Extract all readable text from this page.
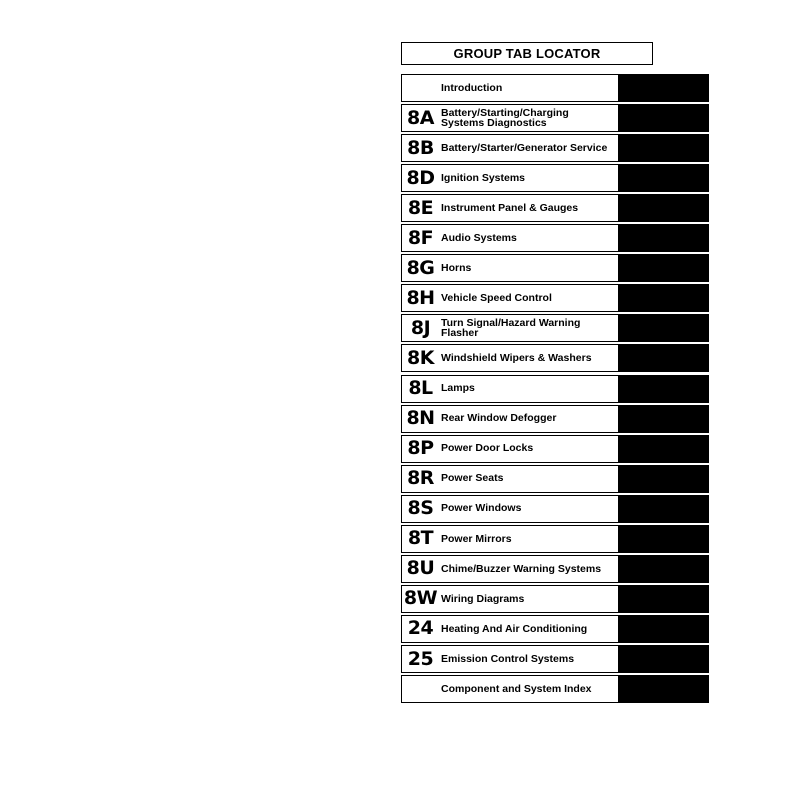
GROUP TAB LOCATOR
Introduction
8A Battery/Starting/Charging
Systems Diagnostics
8B Battery/Starter/Generator Service
8D Ignition Systems
8E Instrument Panel & Gauges
8F Audio Systems
8G Horns
8H Vehicle Speed Control
8J	Turn Signal/Hazard Warning Flasher
8K Windshield Wipers & Washers
8L Lamps
8N Rear Window Defogger
8P Power Door Locks
8R Power Seats
8S Power Windows
8T Power Mirrors
8U Chime/Buzzer Warning Systems
8W Wiring Diagrams
24 Heating And Air Conditioning
25 Emission Control Systems
Component and System Index
